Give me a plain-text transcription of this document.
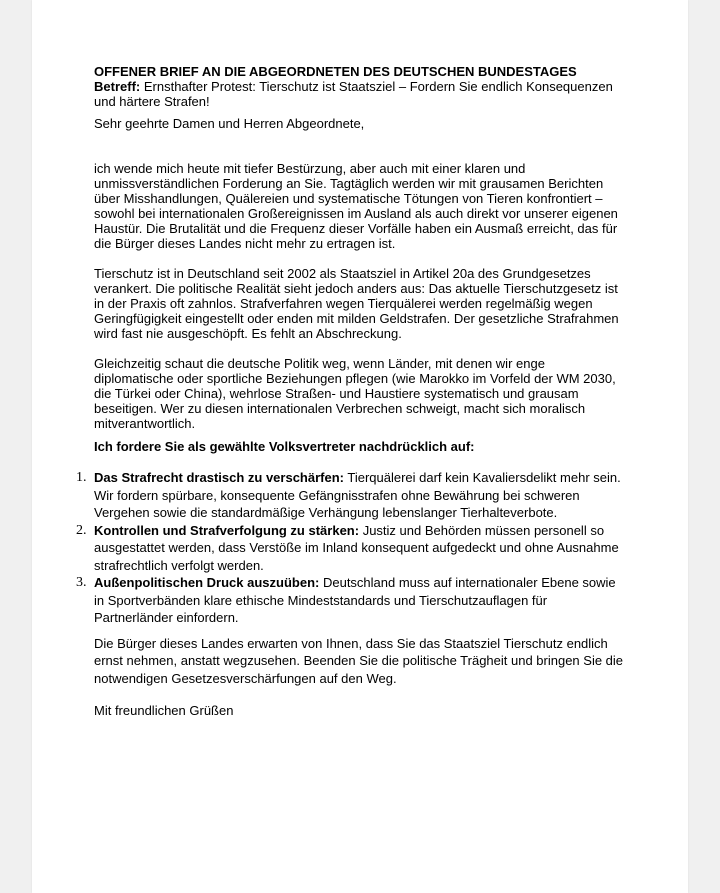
OFFENER BRIEF AN DIE ABGEORDNETEN DES DEUTSCHEN BUNDESTAGES

Betreff: Ernsthafter Protest: Tierschutz ist Staatsziel – Fordern Sie endlich Konsequenzen und härtere Strafen!

Sehr geehrte Damen und Herren Abgeordnete,

ich wende mich heute mit tiefer Bestürzung, aber auch mit einer klaren und unmissverständlichen Forderung an Sie. Tagtäglich werden wir mit grausamen Berichten über Misshandlungen, Quälereien und systematische Tötungen von Tieren konfrontiert – sowohl bei internationalen Großereignissen im Ausland als auch direkt vor unserer eigenen Haustür. Die Brutalität und die Frequenz dieser Vorfälle haben ein Ausmaß erreicht, das für die Bürger dieses Landes nicht mehr zu ertragen ist.

Tierschutz ist in Deutschland seit 2002 als Staatsziel in Artikel 20a des Grundgesetzes verankert. Die politische Realität sieht jedoch anders aus: Das aktuelle Tierschutzgesetz ist in der Praxis oft zahnlos. Strafverfahren wegen Tierquälerei werden regelmäßig wegen Geringfügigkeit eingestellt oder enden mit milden Geldstrafen. Der gesetzliche Strafrahmen wird fast nie ausgeschöpft. Es fehlt an Abschreckung.

Gleichzeitig schaut die deutsche Politik weg, wenn Länder, mit denen wir enge diplomatische oder sportliche Beziehungen pflegen (wie Marokko im Vorfeld der WM 2030, die Türkei oder China), wehrlose Straßen- und Haustiere systematisch und grausam beseitigen. Wer zu diesen internationalen Verbrechen schweigt, macht sich moralisch mitverantwortlich.

Ich fordere Sie als gewählte Volksvertreter nachdrücklich auf:

1. Das Strafrecht drastisch zu verschärfen: Tierquälerei darf kein Kavaliersdelikt mehr sein. Wir fordern spürbare, konsequente Gefängnisstrafen ohne Bewährung bei schweren Vergehen sowie die standardmäßige Verhängung lebenslanger Tierhalteverbote.
2. Kontrollen und Strafverfolgung zu stärken: Justiz und Behörden müssen personell so ausgestattet werden, dass Verstöße im Inland konsequent aufgedeckt und ohne Ausnahme strafrechtlich verfolgt werden.
3. Außenpolitischen Druck auszuüben: Deutschland muss auf internationaler Ebene sowie in Sportverbänden klare ethische Mindeststandards und Tierschutzauflagen für Partnerländer einfordern.

Die Bürger dieses Landes erwarten von Ihnen, dass Sie das Staatsziel Tierschutz endlich ernst nehmen, anstatt wegzusehen. Beenden Sie die politische Trägheit und bringen Sie die notwendigen Gesetzesverschärfungen auf den Weg.

Mit freundlichen Grüßen
